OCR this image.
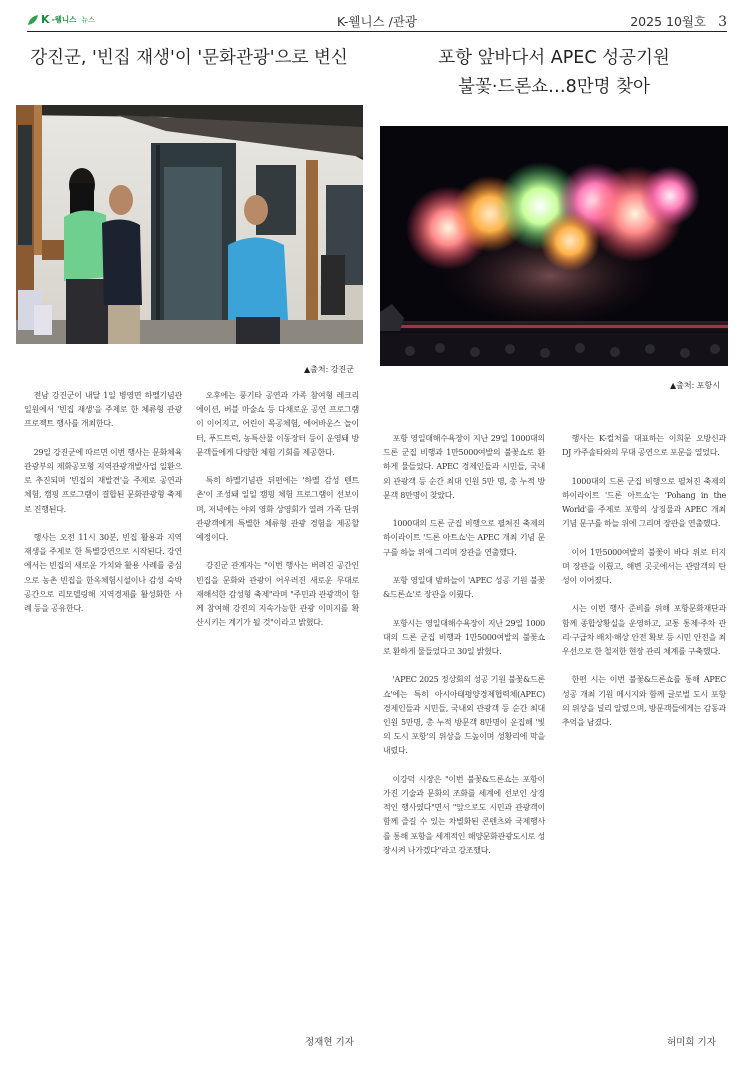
K -웰니스 뉴스	K-웰니스 /관광	2025 10월호 3
강진군, '빈집 재생'이 '문화관광'으로 변신
▲출처: 강진군

전남 강진군이 내달 1일 병영면 하멜기념관 일원에서 '빈집 재생'을 주제로 한 체류형 관광 프로젝트 행사를 개최한다.

29일 강진군에 따르면 이번 행사는 문화체육관광부의 제화공모형 지역관광개발사업 일환으로 추진되며 '빈집의 재발견'을 주제로 공연과 체험, 캠핑 프로그램이 결합된 문화관광형 축제로 진행된다.

행사는 오전 11시 30분, 빈집 활용과 지역 재생을 주제로 한 특별강연으로 시작된다. 강연에서는 빈집의 새로운 가치와 활용 사례를 중심으로 농촌 빈집을 한옥체험시설이나 감성 숙박공간으로 리모델링해 지역경제를 활성화한 사례 등을 공유한다.

오후에는 풍기타 공연과 가족 참여형 레크리에이션, 버블 마술쇼 등 다채로운 공연 프로그램이 이어지고, 어린이 목공체험, 에어바운스 놀이터, 푸드트럭, 농특산물 이동장터 등이 운영돼 방문객들에게 다양한 체험 기회를 제공한다.

특히 하멜기념관 뒤편에는 '하멜 감성 텐트촌'이 조성돼 일일 캠핑 체험 프로그램이 선보이며, 저녁에는 야외 영화 상영회가 열려 가족 단위 관광객에게 특별한 체류형 관광 경험을 제공할 예정이다.

강진군 관계자는 "이번 행사는 버려진 공간인 빈집을 문화와 관광이 어우러진 새로운 무대로 재해석한 감성형 축제"라며 "주민과 관광객이 함께 참여해 강진의 지속가능한 관광 이미지를 확산시키는 계기가 될 것"이라고 밝혔다.

포항 앞바다서 APEC 성공기원
불꽃·드론쇼…8만명 찾아
▲출처: 포항시

포항 영일대해수욕장이 지난 29일 1000대의 드론 군집 비행과 1만5000여발의 불꽃쇼로 환하게 물들었다. APEC 경제인들과 시민들, 국내외 관광객 등 순간 최대 인원 5만 명, 총 누적 방문객 8만명이 찾았다.

1000대의 드론 군집 비행으로 펼쳐진 축제의 하이라이트 '드론 아트쇼'는 APEC 개최 기념 문구를 하늘 위에 그리며 장관을 연출했다.

포항 영일대 밤하늘이 'APEC 성공 기원 불꽃&드론쇼'로 장관을 이뤘다.

포항시는 영일대해수욕장이 지난 29일 1000대의 드론 군집 비행과 1만5000여발의 불꽃쇼로 환하게 물들었다고 30일 밝혔다.

'APEC 2025 정상회의 성공 기원 불꽃&드론쇼'에는 특히 아시아태평양경제협력체(APEC) 경제인들과 시민들, 국내외 관광객 등 순간 최대 인원 5만명, 총 누적 방문객 8만명이 운집해 '빛의 도시 포항'의 위상을 드높이며 성황리에 막을 내렸다.

이강덕 시장은 "이번 불꽃&드론쇼는 포항이 가진 기술과 문화의 조화를 세계에 선보인 상징적인 행사였다"면서 "앞으로도 시민과 관광객이 함께 즐길 수 있는 차별화된 콘텐츠와 국제행사를 통해 포항을 세계적인 해양문화관광도시로 성장시켜 나가겠다"라고 강조했다.

행사는 K-컬처를 대표하는 이희문 오방신과 DJ 카주솔타와의 무대 공연으로 포문을 열었다.

1000대의 드론 군집 비행으로 펼쳐진 축제의 하이라이트 '드론 아트쇼'는 'Pohang in the World'를 주제로 포항의 상징물과 APEC 개최 기념 문구를 하늘 위에 그리며 장관을 연출했다.

이어 1만5000여발의 불꽃이 바다 위로 터지며 장관을 이뤘고, 해변 곳곳에서는 관람객의 탄성이 이어졌다.

시는 이번 행사 준비를 위해 포항문화재단과 함께 종합상황실을 운영하고, 교통 통제·주차 관리·구급차 배치·해상 안전 확보 등 시민 안전을 최우선으로 한 철저한 현장 관리 체계를 구축했다.

한편 시는 이번 불꽃&드론쇼를 통해 APEC 성공 개최 기원 메시지와 함께 글로벌 도시 포항의 위상을 널리 알렸으며, 방문객들에게는 감동과 추억을 남겼다.

정재현 기자	허미희 기자
